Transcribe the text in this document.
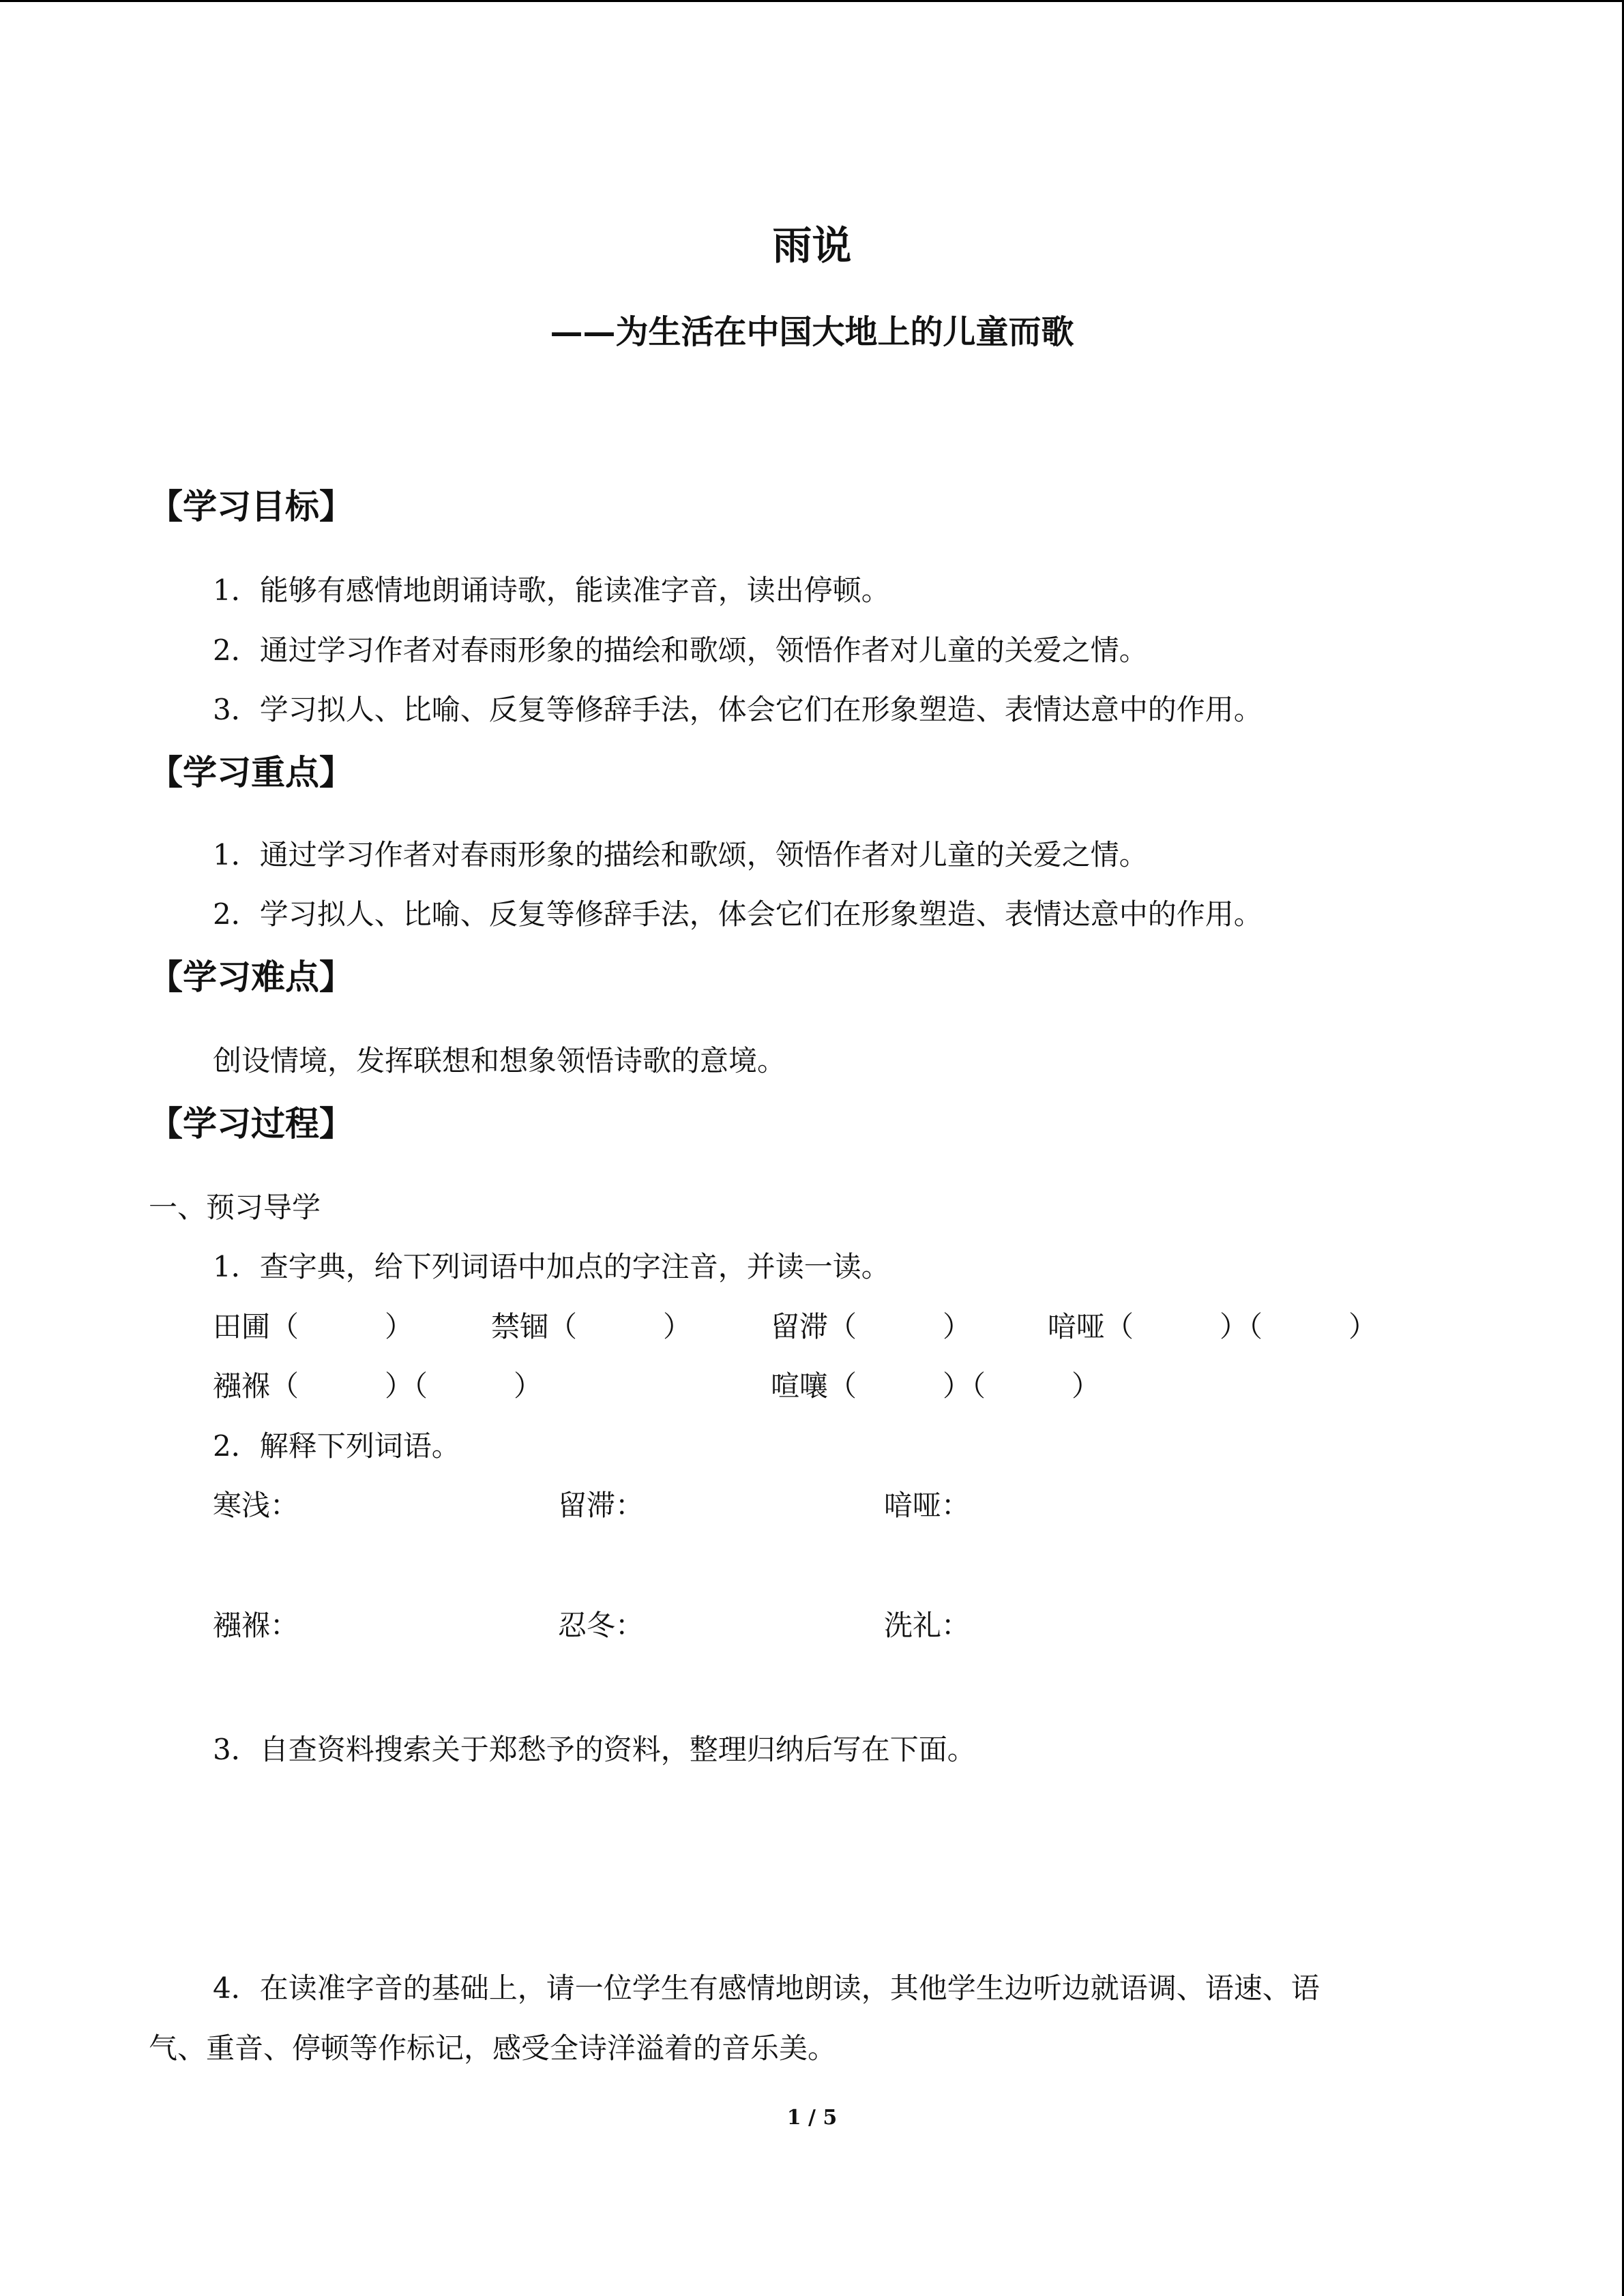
雨说
——为生活在中国大地上的儿童而歌
【学习目标】
1．能够有感情地朗诵诗歌，能读准字音，读出停顿。
2．通过学习作者对春雨形象的描绘和歌颂，领悟作者对儿童的关爱之情。
3．学习拟人、比喻、反复等修辞手法，体会它们在形象塑造、表情达意中的作用。
【学习重点】
1．通过学习作者对春雨形象的描绘和歌颂，领悟作者对儿童的关爱之情。
2．学习拟人、比喻、反复等修辞手法，体会它们在形象塑造、表情达意中的作用。
【学习难点】
创设情境，发挥联想和想象领悟诗歌的意境。
【学习过程】
一、预习导学
1．查字典，给下列词语中加点的字注音，并读一读。
田圃（　　　）	禁锢（　　　）	留滞（　　　）	喑哑（　　　）（　　　）
襁褓（　　　）（　　　）	喧嚷（　　　）（　　　）
2．解释下列词语。
寒浅：	留滞：	喑哑：
襁褓：	忍冬：	洗礼：
3．自查资料搜索关于郑愁予的资料，整理归纳后写在下面。
4．在读准字音的基础上，请一位学生有感情地朗读，其他学生边听边就语调、语速、语
气、重音、停顿等作标记，感受全诗洋溢着的音乐美。
1 / 5
